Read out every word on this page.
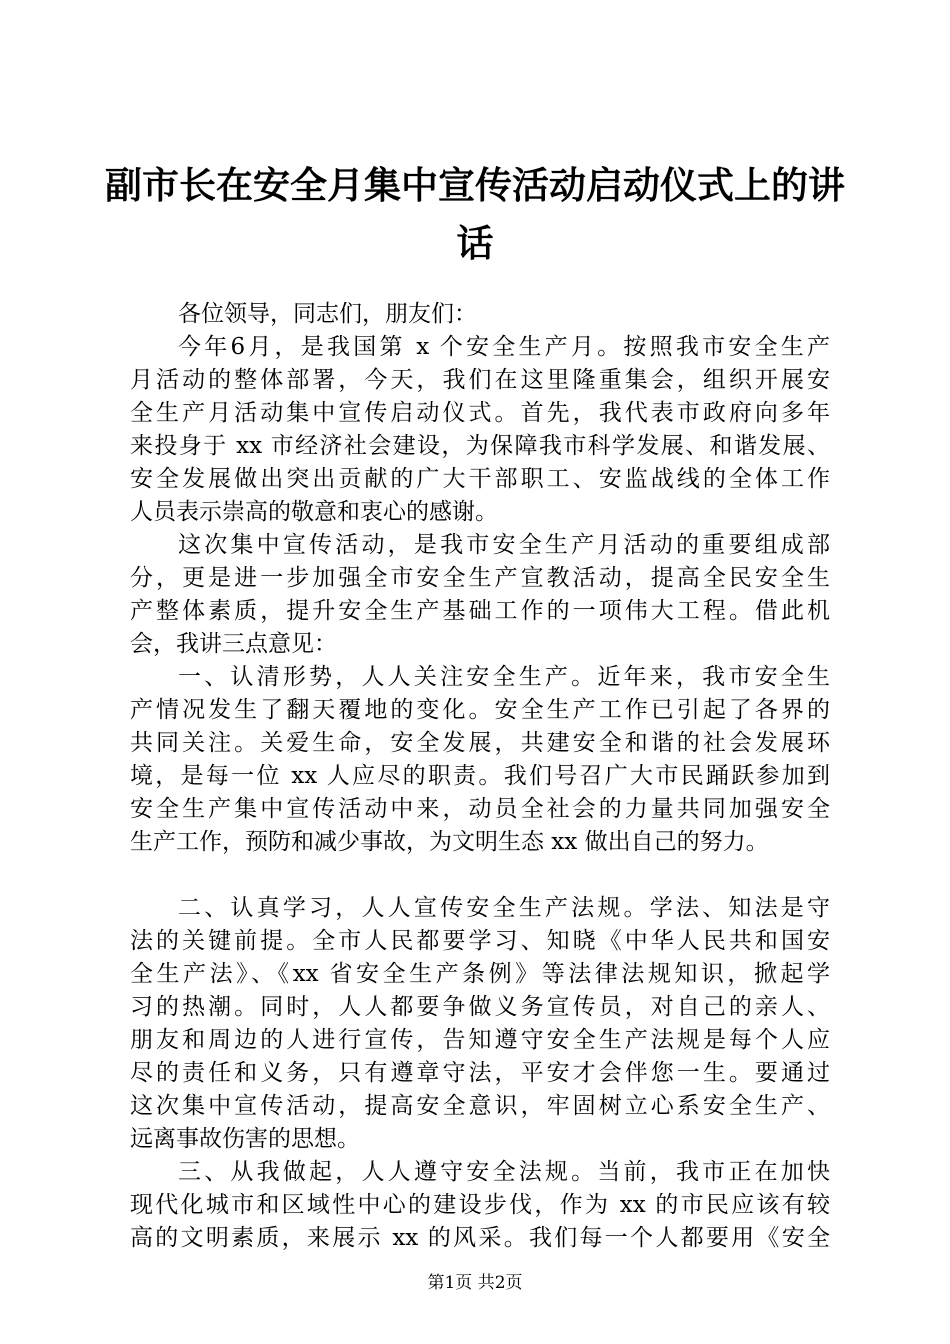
副市长在安全月集中宣传活动启动仪式上的讲
话
各位领导，同志们，朋友们：
今年6月，是我国第 x 个安全生产月。按照我市安全生产
月活动的整体部署，今天，我们在这里隆重集会，组织开展安
全生产月活动集中宣传启动仪式。首先，我代表市政府向多年
来投身于 xx 市经济社会建设，为保障我市科学发展、和谐发展、
安全发展做出突出贡献的广大干部职工、安监战线的全体工作
人员表示崇高的敬意和衷心的感谢。
这次集中宣传活动，是我市安全生产月活动的重要组成部
分，更是进一步加强全市安全生产宣教活动，提高全民安全生
产整体素质，提升安全生产基础工作的一项伟大工程。借此机
会，我讲三点意见：
一、认清形势，人人关注安全生产。近年来，我市安全生
产情况发生了翻天覆地的变化。安全生产工作已引起了各界的
共同关注。关爱生命，安全发展，共建安全和谐的社会发展环
境，是每一位 xx 人应尽的职责。我们号召广大市民踊跃参加到
安全生产集中宣传活动中来，动员全社会的力量共同加强安全
生产工作，预防和减少事故，为文明生态 xx 做出自己的努力。
二、认真学习，人人宣传安全生产法规。学法、知法是守
法的关键前提。全市人民都要学习、知晓《中华人民共和国安
全生产法》、《xx 省安全生产条例》等法律法规知识，掀起学
习的热潮。同时，人人都要争做义务宣传员，对自己的亲人、
朋友和周边的人进行宣传，告知遵守安全生产法规是每个人应
尽的责任和义务，只有遵章守法，平安才会伴您一生。要通过
这次集中宣传活动，提高安全意识，牢固树立心系安全生产、
远离事故伤害的思想。
三、从我做起，人人遵守安全法规。当前，我市正在加快
现代化城市和区域性中心的建设步伐，作为 xx 的市民应该有较
高的文明素质，来展示 xx 的风采。我们每一个人都要用《安全
第1页 共2页
